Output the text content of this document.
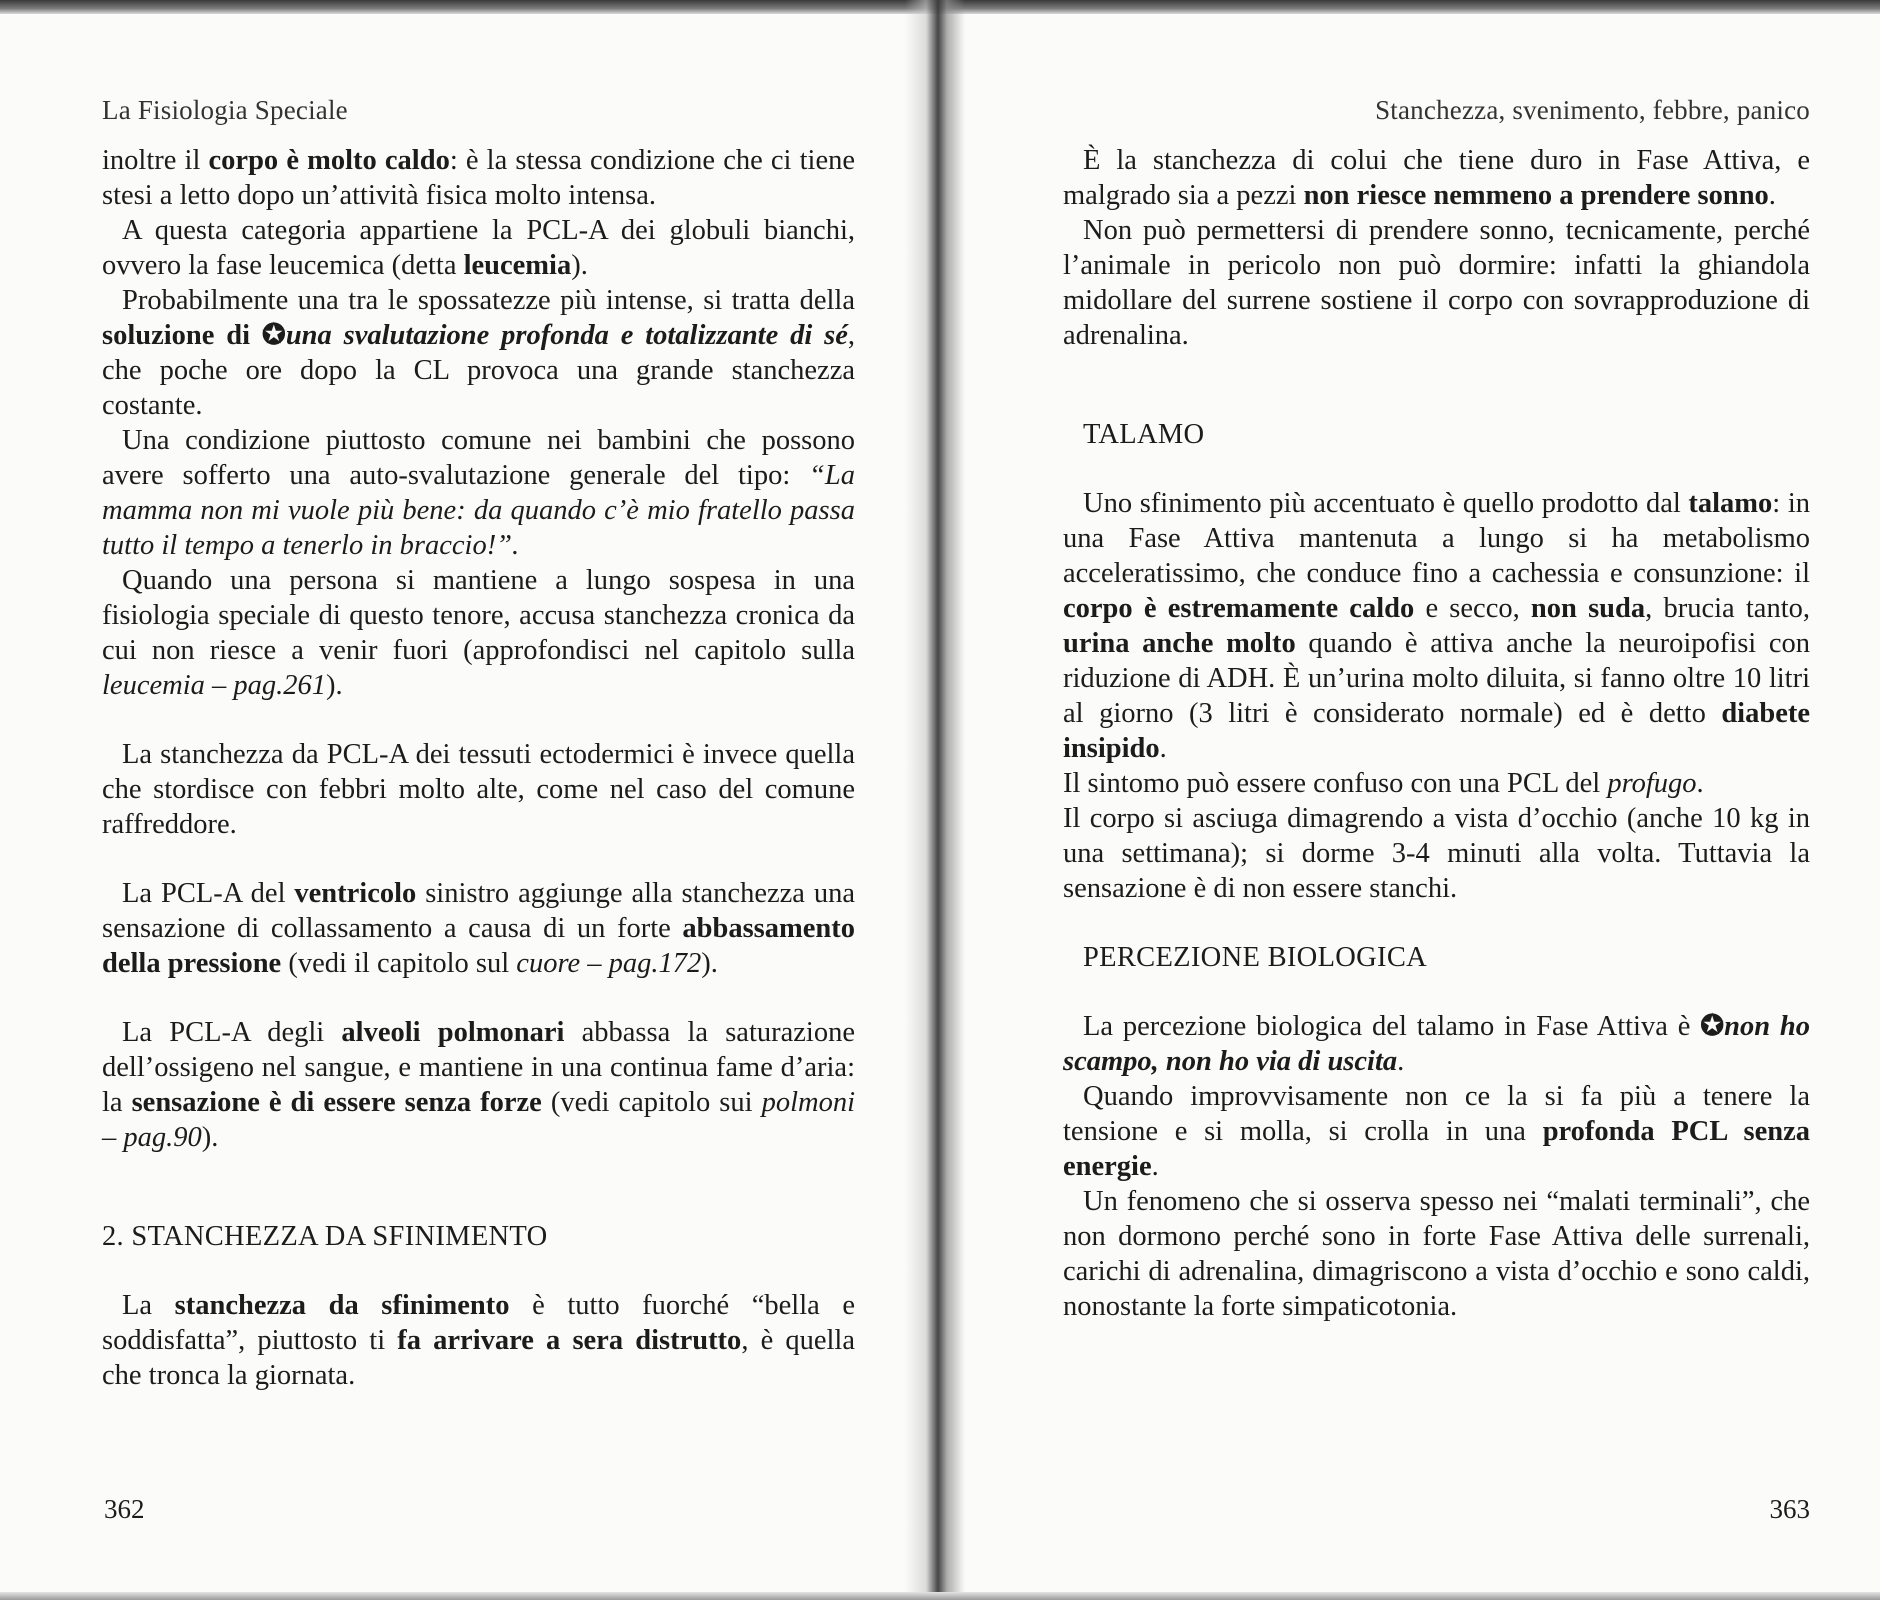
La Fisiologia Speciale

inoltre il corpo è molto caldo: è la stessa condizione che ci tiene stesi a letto dopo un’attività fisica molto intensa.

A questa categoria appartiene la PCL-A dei globuli bianchi, ovvero la fase leucemica (detta leucemia).

Probabilmente una tra le spossatezze più intense, si tratta della soluzione di ✪una svalutazione profonda e totalizzante di sé, che poche ore dopo la CL provoca una grande stanchezza costante.

Una condizione piuttosto comune nei bambini che possono avere sofferto una auto-svalutazione generale del tipo: “La mamma non mi vuole più bene: da quando c’è mio fratello passa tutto il tempo a tenerlo in braccio!”.

Quando una persona si mantiene a lungo sospesa in una fisiologia speciale di questo tenore, accusa stanchezza cronica da cui non riesce a venir fuori (approfondisci nel capitolo sulla leucemia – pag.261).

La stanchezza da PCL-A dei tessuti ectodermici è invece quella che stordisce con febbri molto alte, come nel caso del comune raffreddore.

La PCL-A del ventricolo sinistro aggiunge alla stanchezza una sensazione di collassamento a causa di un forte abbassamento della pressione (vedi il capitolo sul cuore – pag.172).

La PCL-A degli alveoli polmonari abbassa la saturazione dell’ossigeno nel sangue, e mantiene in una continua fame d’aria: la sensazione è di essere senza forze (vedi capitolo sui polmoni – pag.90).

2. STANCHEZZA DA SFINIMENTO

La stanchezza da sfinimento è tutto fuorché “bella e soddisfatta”, piuttosto ti fa arrivare a sera distrutto, è quella che tronca la giornata.

362
Stanchezza, svenimento, febbre, panico

È la stanchezza di colui che tiene duro in Fase Attiva, e malgrado sia a pezzi non riesce nemmeno a prendere sonno.

Non può permettersi di prendere sonno, tecnicamente, perché l’animale in pericolo non può dormire: infatti la ghiandola midollare del surrene sostiene il corpo con sovrapproduzione di adrenalina.

TALAMO

Uno sfinimento più accentuato è quello prodotto dal talamo: in una Fase Attiva mantenuta a lungo si ha metabolismo acceleratissimo, che conduce fino a cachessia e consunzione: il corpo è estremamente caldo e secco, non suda, brucia tanto, urina anche molto quando è attiva anche la neuroipofisi con riduzione di ADH. È un’urina molto diluita, si fanno oltre 10 litri al giorno (3 litri è considerato normale) ed è detto diabete insipido.

Il sintomo può essere confuso con una PCL del profugo.

Il corpo si asciuga dimagrendo a vista d’occhio (anche 10 kg in una settimana); si dorme 3-4 minuti alla volta. Tuttavia la sensazione è di non essere stanchi.

PERCEZIONE BIOLOGICA

La percezione biologica del talamo in Fase Attiva è ✪non ho scampo, non ho via di uscita.

Quando improvvisamente non ce la si fa più a tenere la tensione e si molla, si crolla in una profonda PCL senza energie.

Un fenomeno che si osserva spesso nei “malati terminali”, che non dormono perché sono in forte Fase Attiva delle surrenali, carichi di adrenalina, dimagriscono a vista d’occhio e sono caldi, nonostante la forte simpaticotonia.

363
